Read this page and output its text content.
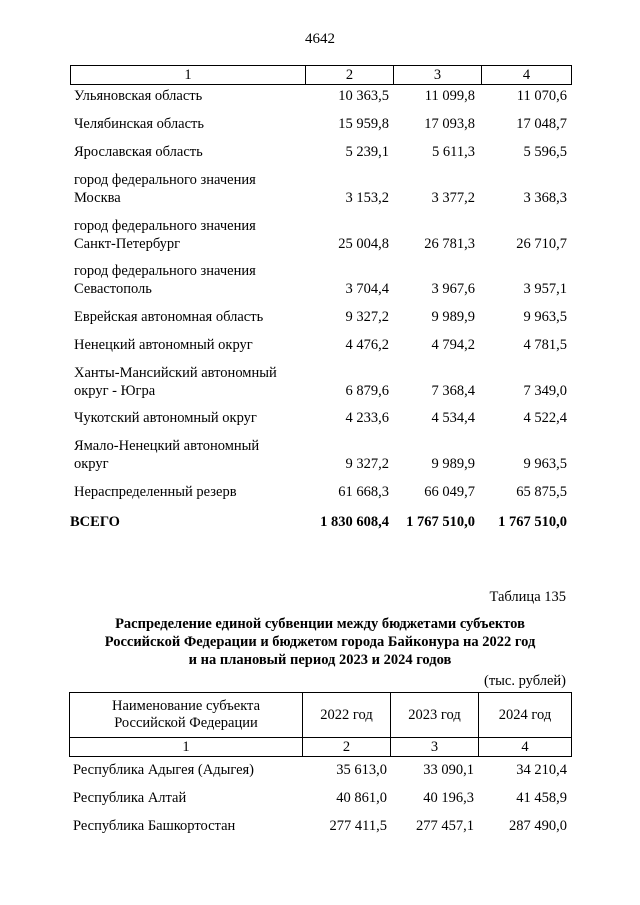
4642
1	2	3	4
Ульяновская область	10 363,5	11 099,8	11 070,6
Челябинская область	15 959,8	17 093,8	17 048,7
Ярославская область	5 239,1	5 611,3	5 596,5
город федерального значения
Москва	3 153,2	3 377,2	3 368,3
город федерального значения
Санкт-Петербург	25 004,8	26 781,3	26 710,7
город федерального значения
Севастополь	3 704,4	3 967,6	3 957,1
Еврейская автономная область	9 327,2	9 989,9	9 963,5
Ненецкий автономный округ	4 476,2	4 794,2	4 781,5
Ханты-Мансийский автономный
округ - Югра	6 879,6	7 368,4	7 349,0
Чукотский автономный округ	4 233,6	4 534,4	4 522,4
Ямало-Ненецкий автономный
округ	9 327,2	9 989,9	9 963,5
Нераспределенный резерв	61 668,3	66 049,7	65 875,5
ВСЕГО	1 830 608,4	1 767 510,0	1 767 510,0
Таблица 135
Распределение единой субвенции между бюджетами субъектов
Российской Федерации и бюджетом города Байконура на 2022 год
и на плановый период 2023 и 2024 годов
(тыс. рублей)
Наименование субъекта
Российской Федерации
2022 год	2023 год	2024 год
1	2	3	4
Республика Адыгея (Адыгея)	35 613,0	33 090,1	34 210,4
Республика Алтай	40 861,0	40 196,3	41 458,9
Республика Башкортостан	277 411,5	277 457,1	287 490,0
